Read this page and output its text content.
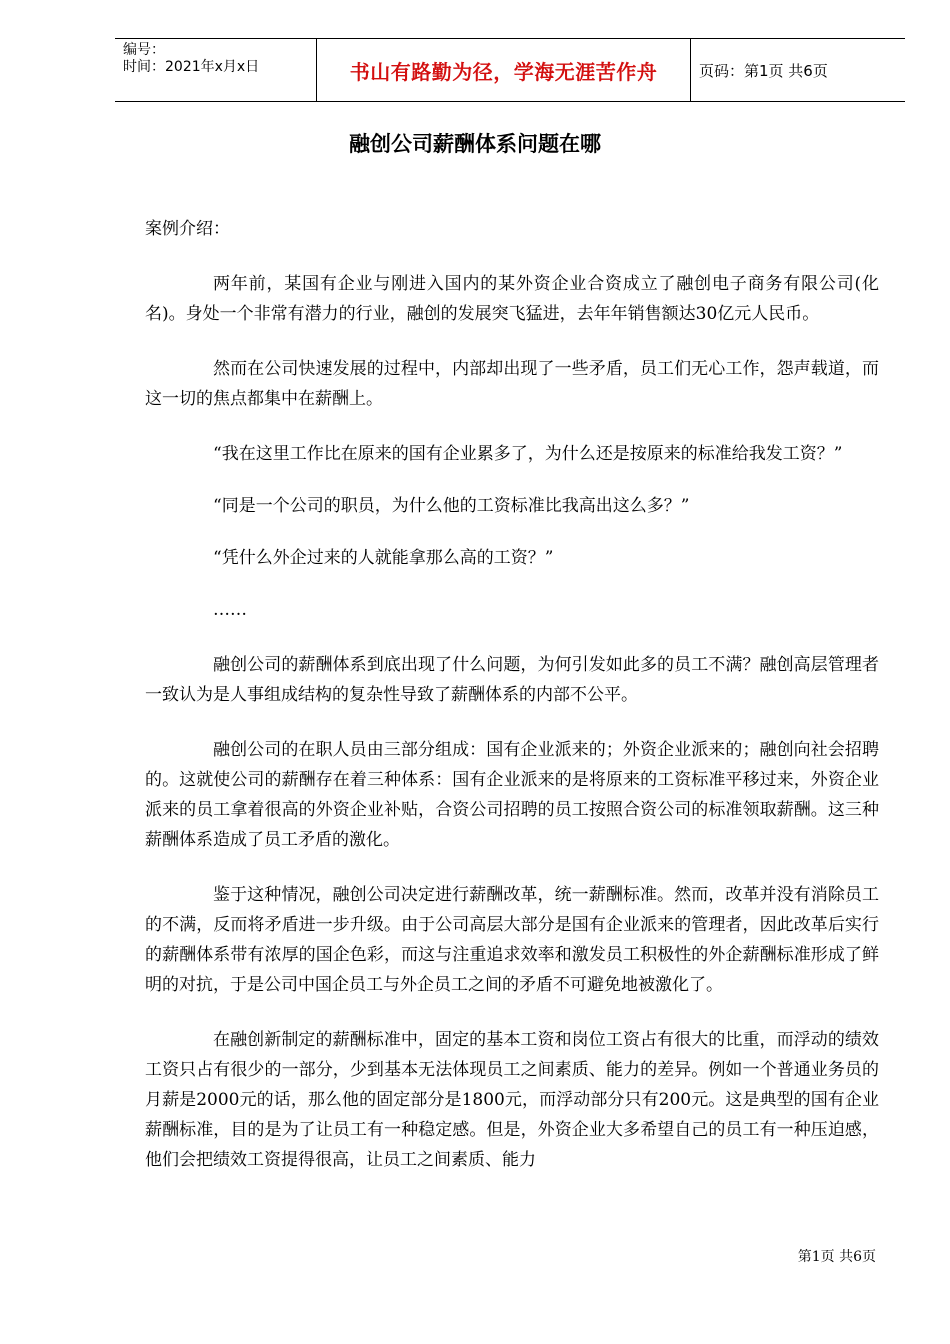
编号：
时间：2021年x月x日	书山有路勤为径，学海无涯苦作舟	页码：第1页 共6页
融创公司薪酬体系问题在哪

案例介绍：

两年前，某国有企业与刚进入国内的某外资企业合资成立了融创电子商务有限公司(化名)。身处一个非常有潜力的行业，融创的发展突飞猛进，去年年销售额达30亿元人民币。

然而在公司快速发展的过程中，内部却出现了一些矛盾，员工们无心工作，怨声载道，而这一切的焦点都集中在薪酬上。

“我在这里工作比在原来的国有企业累多了，为什么还是按原来的标准给我发工资？”

“同是一个公司的职员，为什么他的工资标准比我高出这么多？”

“凭什么外企过来的人就能拿那么高的工资？”

……

融创公司的薪酬体系到底出现了什么问题，为何引发如此多的员工不满？融创高层管理者一致认为是人事组成结构的复杂性导致了薪酬体系的内部不公平。

融创公司的在职人员由三部分组成：国有企业派来的；外资企业派来的；融创向社会招聘的。这就使公司的薪酬存在着三种体系：国有企业派来的是将原来的工资标准平移过来，外资企业派来的员工拿着很高的外资企业补贴，合资公司招聘的员工按照合资公司的标准领取薪酬。这三种薪酬体系造成了员工矛盾的激化。

鉴于这种情况，融创公司决定进行薪酬改革，统一薪酬标准。然而，改革并没有消除员工的不满，反而将矛盾进一步升级。由于公司高层大部分是国有企业派来的管理者，因此改革后实行的薪酬体系带有浓厚的国企色彩，而这与注重追求效率和激发员工积极性的外企薪酬标准形成了鲜明的对抗，于是公司中国企员工与外企员工之间的矛盾不可避免地被激化了。

在融创新制定的薪酬标准中，固定的基本工资和岗位工资占有很大的比重，而浮动的绩效工资只占有很少的一部分，少到基本无法体现员工之间素质、能力的差异。例如一个普通业务员的月薪是2000元的话，那么他的固定部分是1800元，而浮动部分只有200元。这是典型的国有企业薪酬标准，目的是为了让员工有一种稳定感。但是，外资企业大多希望自己的员工有一种压迫感，他们会把绩效工资提得很高，让员工之间素质、能力

第1页 共6页
